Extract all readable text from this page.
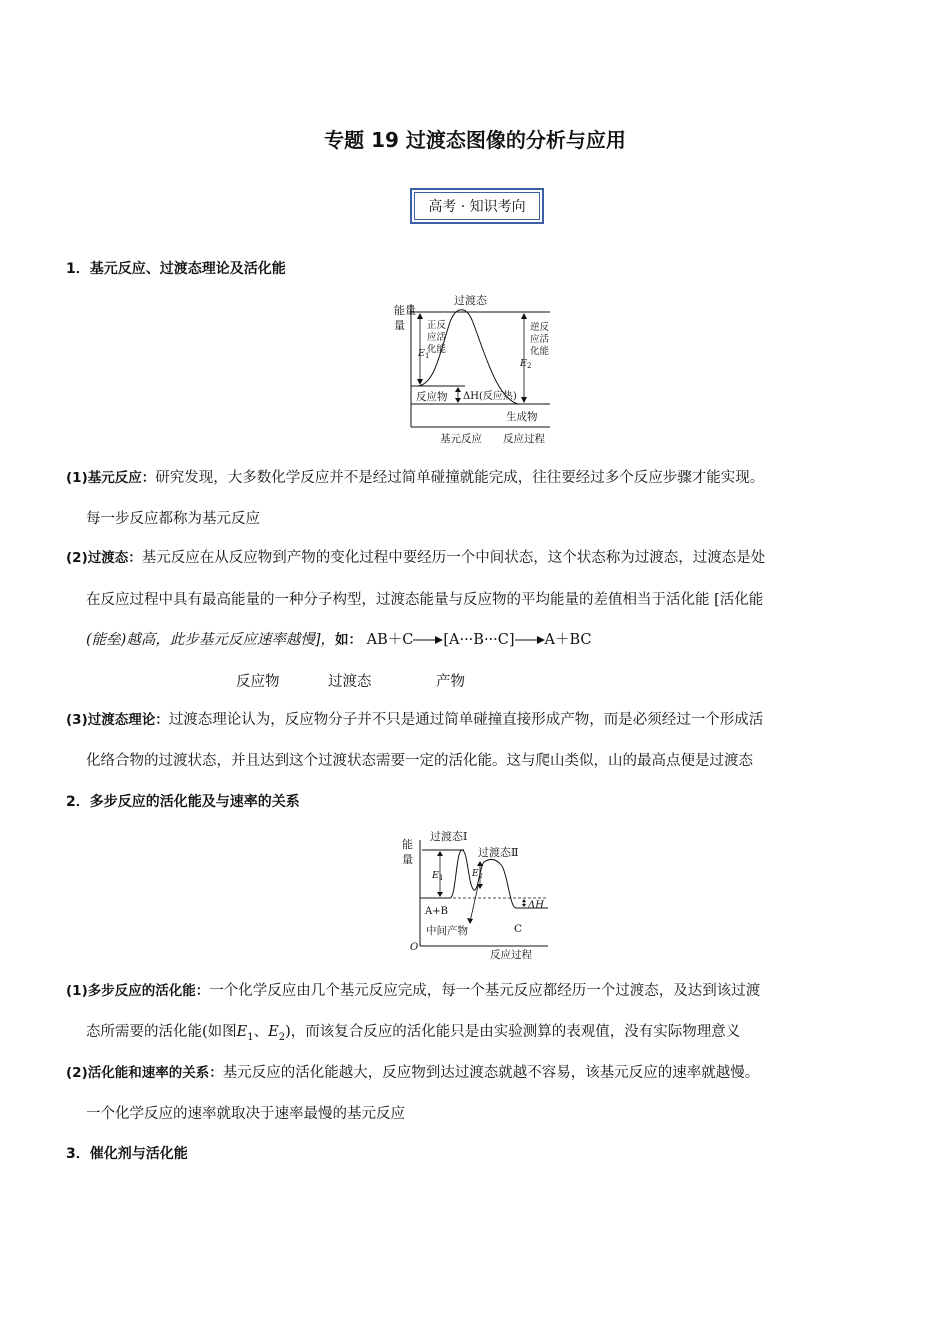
专题 19 过渡态图像的分析与应用
高考 · 知识考向
1．基元反应、过渡态理论及活化能
能量
量
过渡态
正反
应活
化能
$E_1$
逆反
应活
化能
$E_2$
反应物 ΔH(反应热)
生成物
基元反应 反应过程
(1)基元反应：研究发现，大多数化学反应并不是经过简单碰撞就能完成，往往要经过多个反应步骤才能实现。
每一步反应都称为基元反应
(2)过渡态：基元反应在从反应物到产物的变化过程中要经历一个中间状态，这个状态称为过渡态，过渡态是处
在反应过程中具有最高能量的一种分子构型，过渡态能量与反应物的平均能量的差值相当于活化能 [活化能
(能垒)越高，此步基元反应速率越慢]，如： AB＋C [A···B···C] A＋BC
反应物	过渡态	产物
(3)过渡态理论：过渡态理论认为，反应物分子并不只是通过简单碰撞直接形成产物，而是必须经过一个形成活
化络合物的过渡状态，并且达到这个过渡状态需要一定的活化能。这与爬山类似，山的最高点便是过渡态
2．多步反应的活化能及与速率的关系
能
量
$E_1$	$E_2$
过渡态Ⅰ
过渡态Ⅱ
A+B
ΔH
中间产物	C
O
反应过程
(1)多步反应的活化能：一个化学反应由几个基元反应完成，每一个基元反应都经历一个过渡态，及达到该过渡
态所需要的活化能(如图$E_1$、$E_2$)，而该复合反应的活化能只是由实验测算的表观值，没有实际物理意义
(2)活化能和速率的关系：基元反应的活化能越大，反应物到达过渡态就越不容易，该基元反应的速率就越慢。
一个化学反应的速率就取决于速率最慢的基元反应
3．催化剂与活化能
